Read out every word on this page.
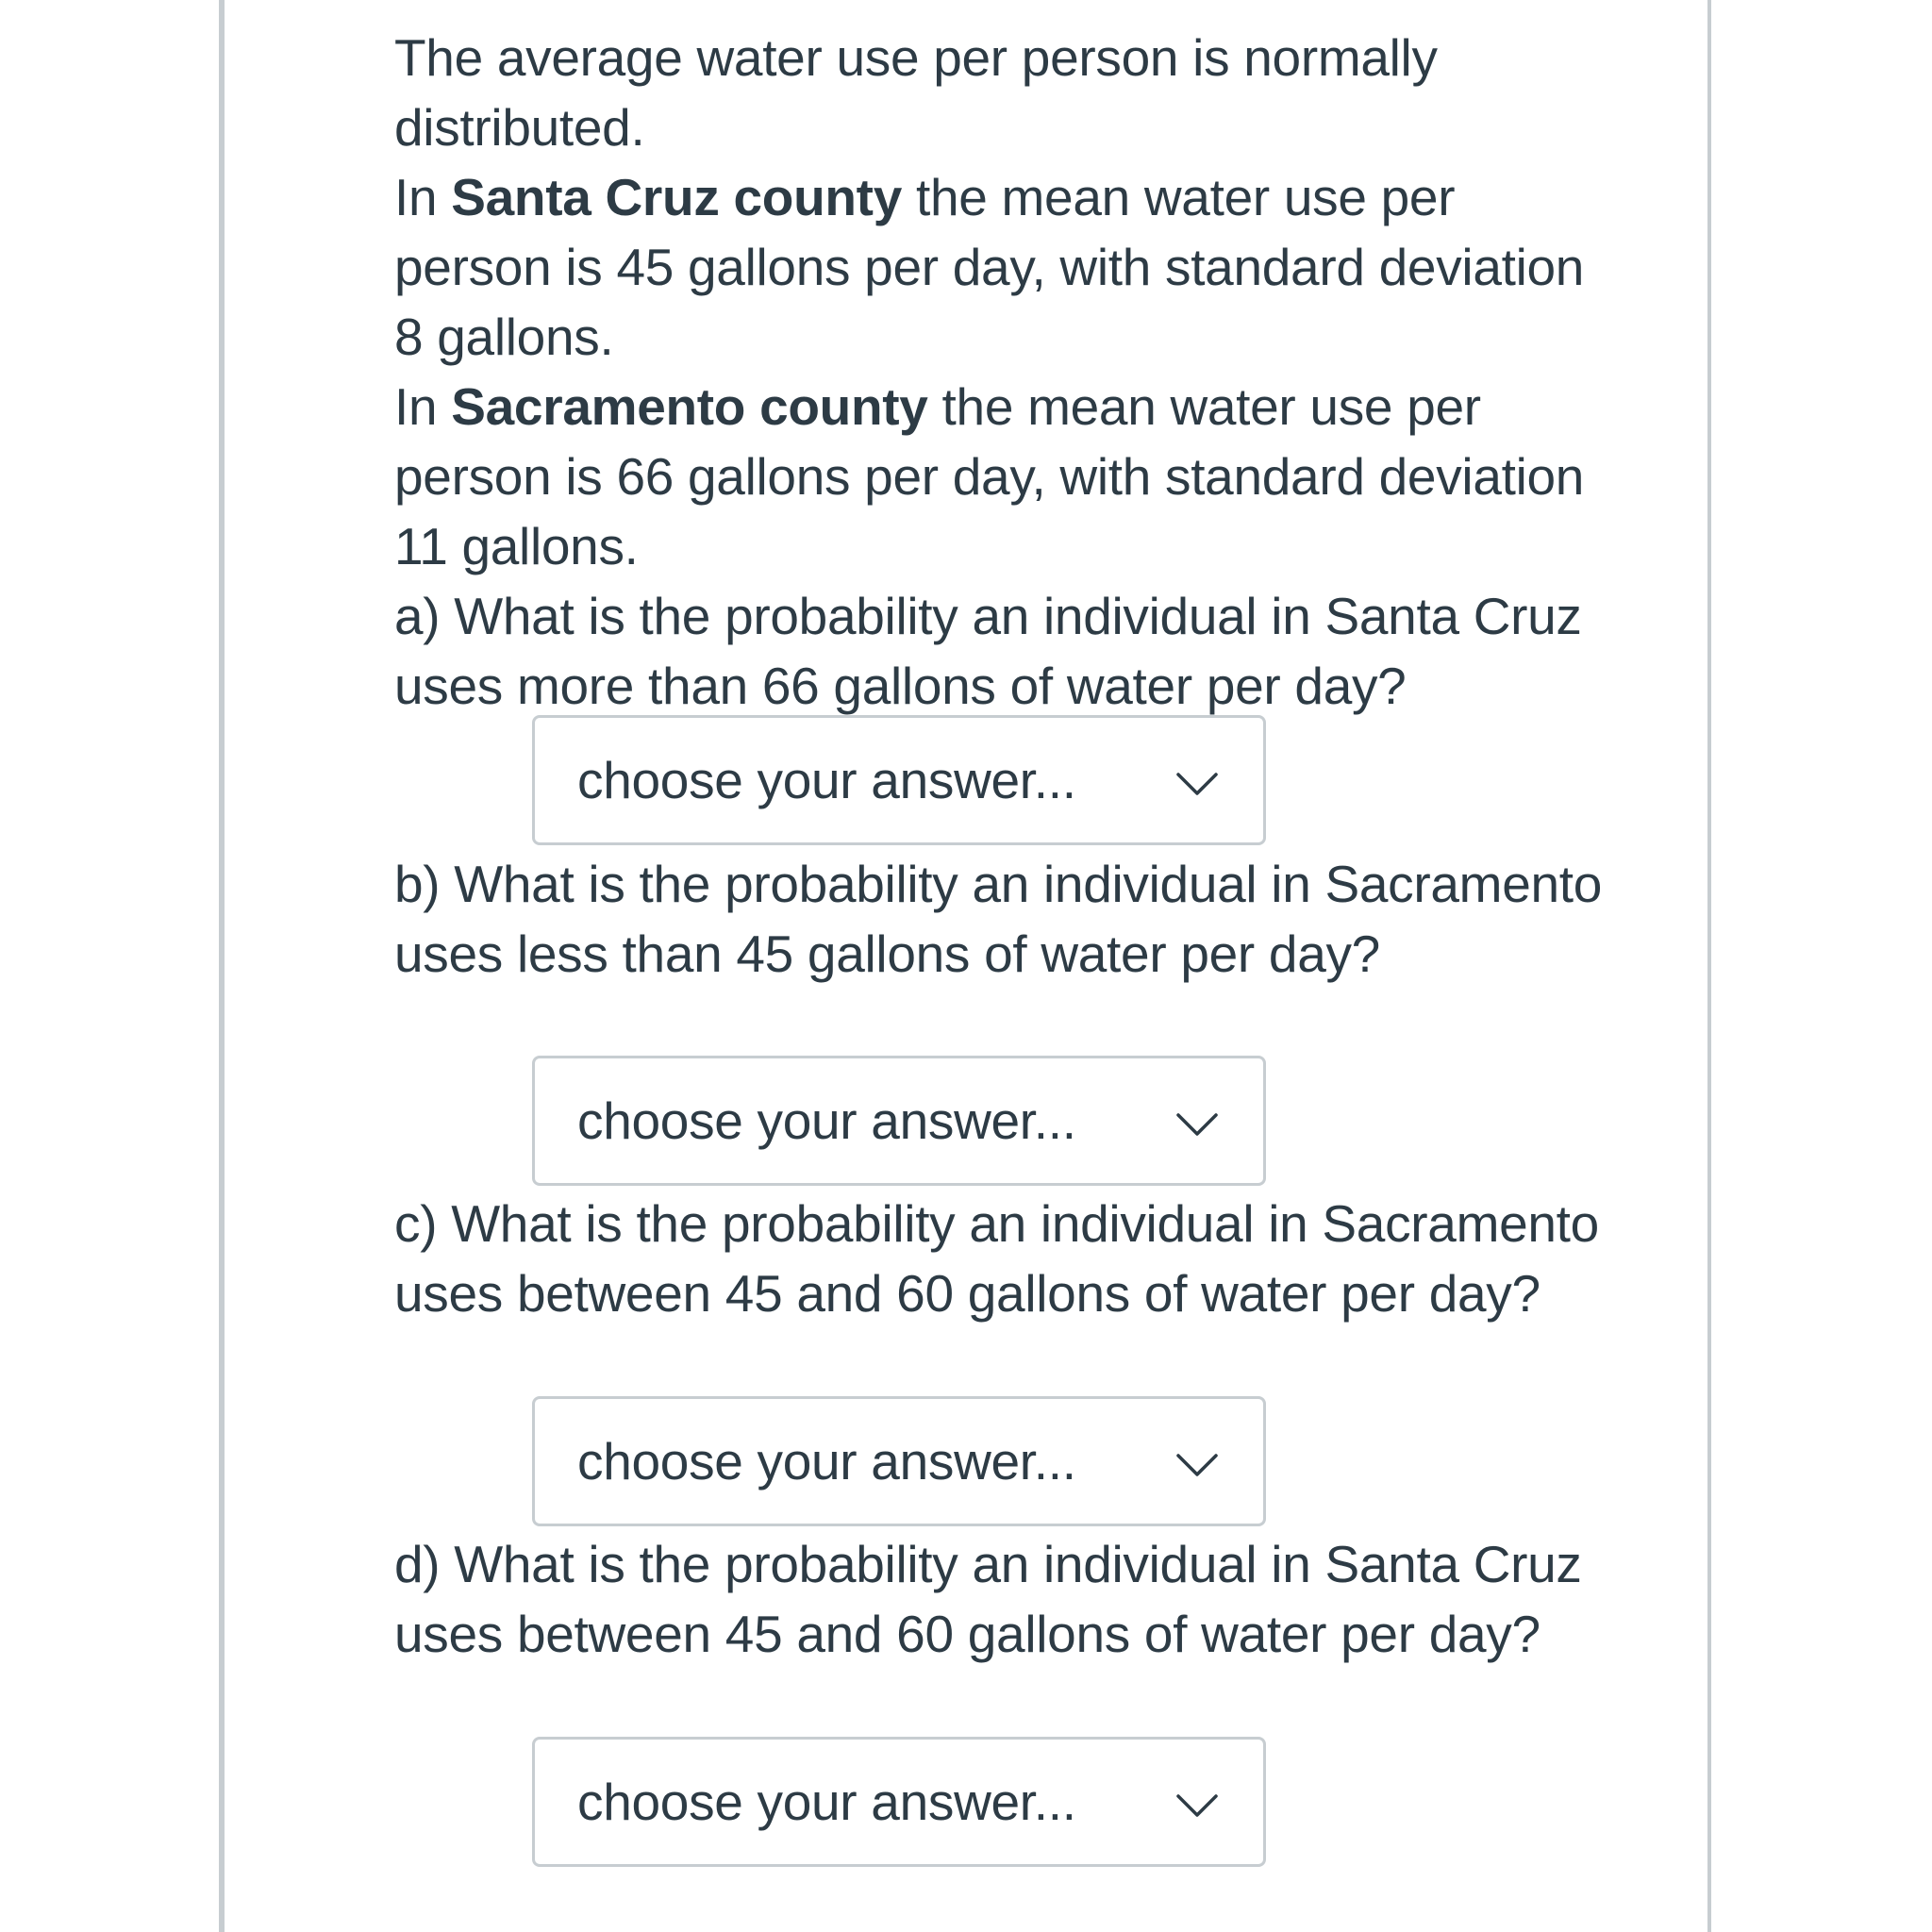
The average water use per person is normally distributed.
In Santa Cruz county the mean water use per person is 45 gallons per day, with standard deviation 8 gallons.
In Sacramento county the mean water use per person is 66 gallons per day, with standard deviation 11 gallons.
a) What is the probability an individual in Santa Cruz uses more than 66 gallons of water per day?

choose your answer...

b) What is the probability an individual in Sacramento uses less than 45 gallons of water per day?

choose your answer...

c) What is the probability an individual in Sacramento uses between 45 and 60 gallons of water per day?

choose your answer...

d) What is the probability an individual in Santa Cruz uses between 45 and 60 gallons of water per day?

choose your answer...
